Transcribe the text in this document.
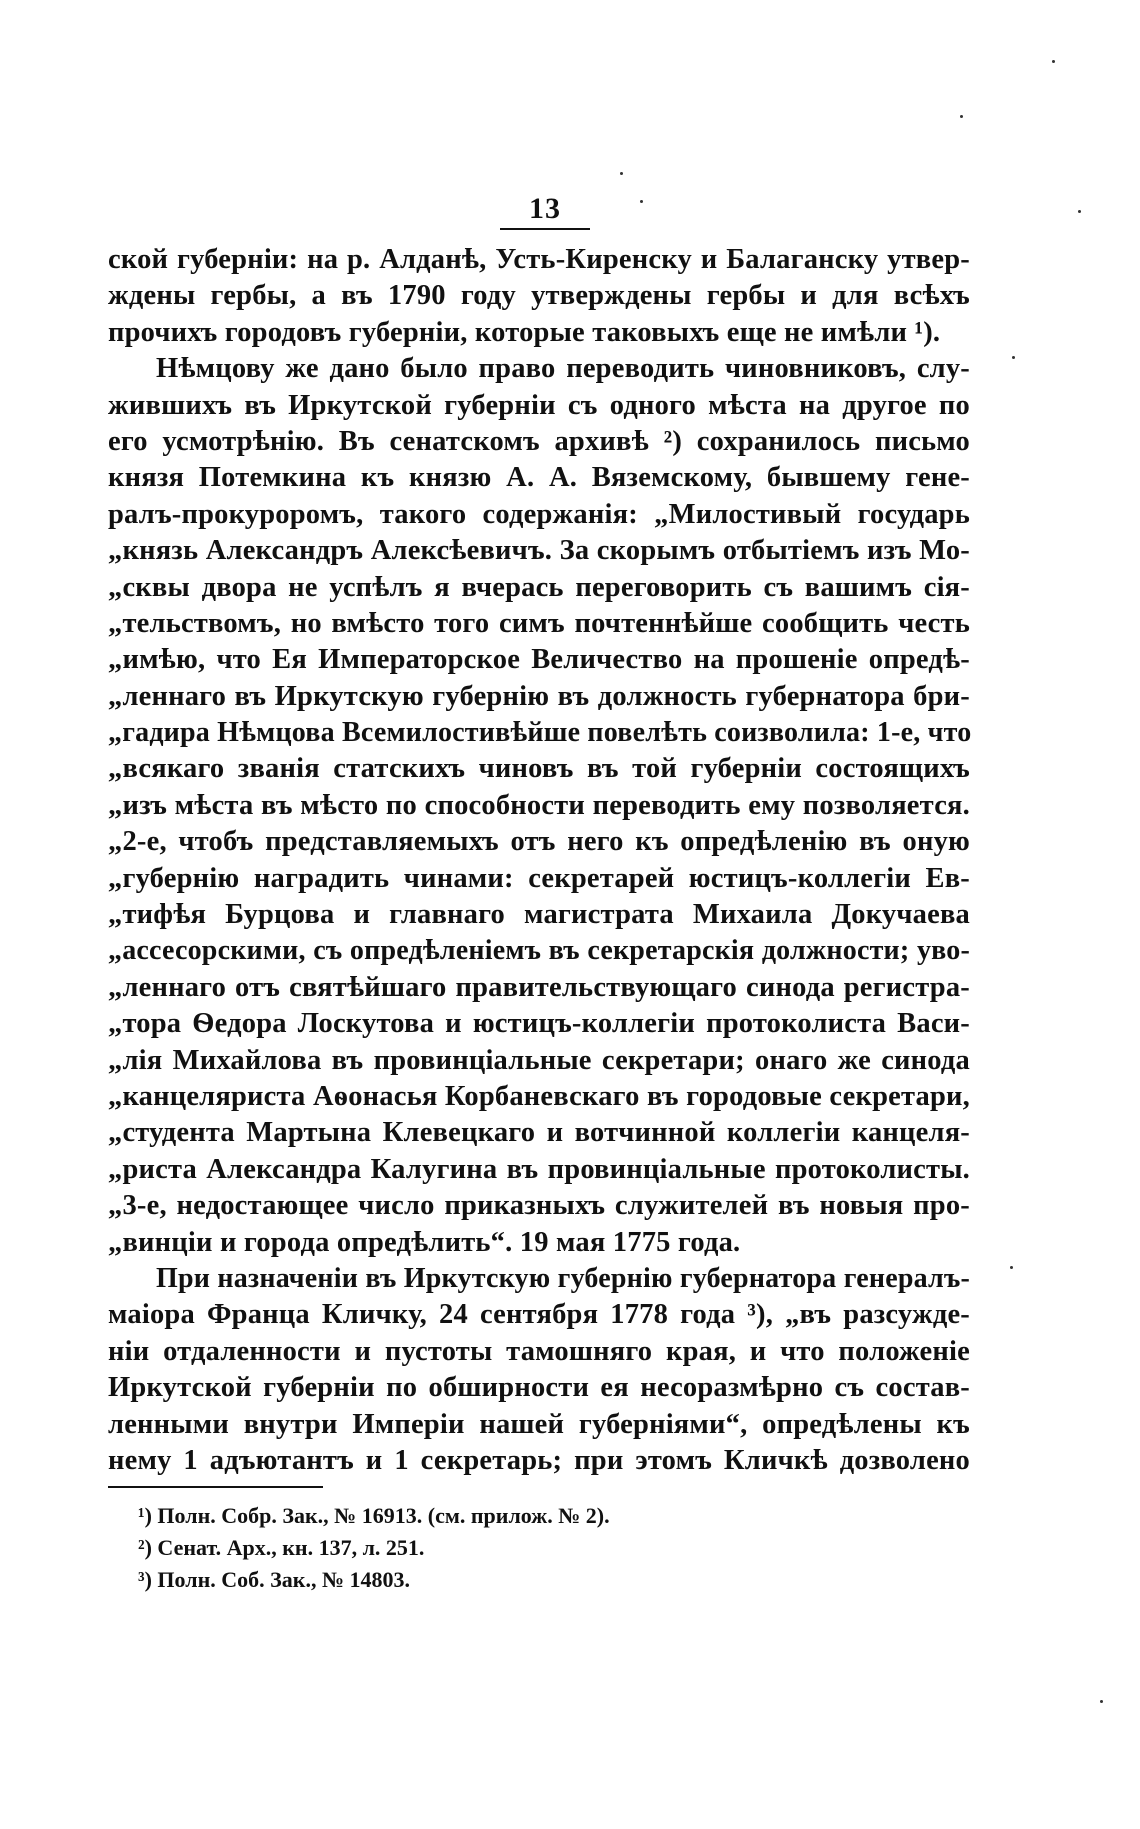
13
ской губерніи: на р. Алданѣ, Усть-Киренску и Балаганску утвер-
ждены гербы, а въ 1790 году утверждены гербы и для всѣхъ
прочихъ городовъ губерніи, которые таковыхъ еще не имѣли ¹).
Нѣмцову же дано было право переводить чиновниковъ, слу-
жившихъ въ Иркутской губерніи съ одного мѣста на другое по
его усмотрѣнію. Въ сенатскомъ архивѣ ²) сохранилось письмо
князя Потемкина къ князю А. А. Вяземскому, бывшему гене-
ралъ-прокуроромъ, такого содержанія: „Милостивый государь
„князь Александръ Алексѣевичъ. За скорымъ отбытіемъ изъ Мо-
„сквы двора не успѣлъ я вчерась переговорить съ вашимъ сія-
„тельствомъ, но вмѣсто того симъ почтеннѣйше сообщить честь
„имѣю, что Ея Императорское Величество на прошеніе опредѣ-
„леннаго въ Иркутскую губернію въ должность губернатора бри-
„гадира Нѣмцова Всемилостивѣйше повелѣть соизволила: 1-е, что
„всякаго званія статскихъ чиновъ въ той губерніи состоящихъ
„изъ мѣста въ мѣсто по способности переводить ему позволяется.
„2-е, чтобъ представляемыхъ отъ него къ опредѣленію въ оную
„губернію наградить чинами: секретарей юстицъ-коллегіи Ев-
„тифѣя Бурцова и главнаго магистрата Михаила Докучаева
„ассесорскими, съ опредѣленіемъ въ секретарскія должности; уво-
„леннаго отъ святѣйшаго правительствующаго синода регистра-
„тора Ѳедора Лоскутова и юстицъ-коллегіи протоколиста Васи-
„лія Михайлова въ провинціальные секретари; онаго же синода
„канцеляриста Аѳонасья Корбаневскаго въ городовые секретари,
„студента Мартына Клевецкаго и вотчинной коллегіи канцеля-
„риста Александра Калугина въ провинціальные протоколисты.
„3-е, недостающее число приказныхъ служителей въ новыя про-
„винціи и города опредѣлить“. 19 мая 1775 года.
При назначеніи въ Иркутскую губернію губернатора генералъ-
маіора Франца Кличку, 24 сентября 1778 года ³), „въ разсужде-
ніи отдаленности и пустоты тамошняго края, и что положеніе
Иркутской губерніи по обширности ея несоразмѣрно съ состав-
ленными внутри Имперіи нашей губерніями“, опредѣлены къ
нему 1 адъютантъ и 1 секретарь; при этомъ Кличкѣ дозволено
¹) Полн. Собр. Зак., № 16913. (см. прилож. № 2).
²) Сенат. Арх., кн. 137, л. 251.
³) Полн. Соб. Зак., № 14803.
